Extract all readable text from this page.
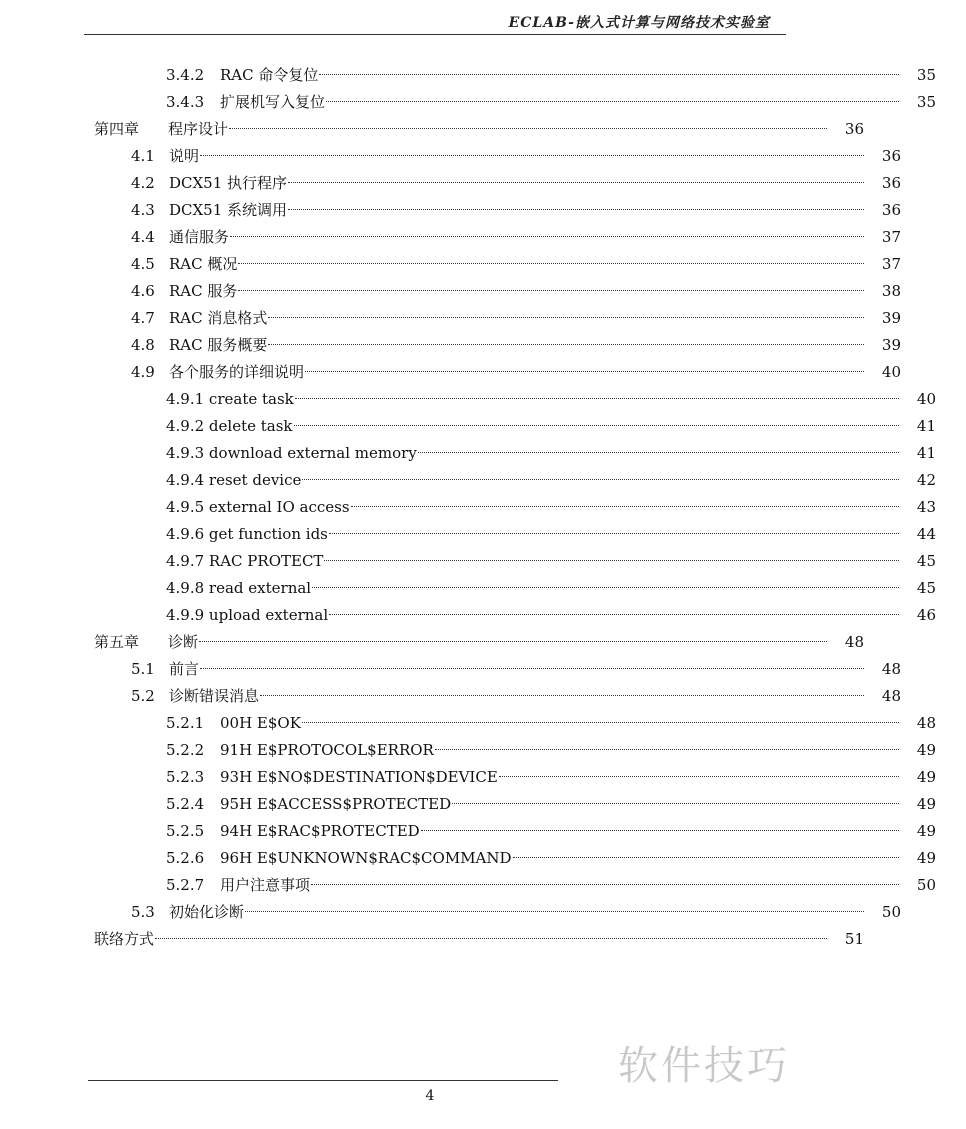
ECLAB-嵌入式计算与网络技术实验室
3.4.2	RAC 命令复位	35
3.4.3	扩展机写入复位	35
第四章	程序设计	36
4.1 说明	36
4.2 DCX51 执行程序	36
4.3 DCX51 系统调用	36
4.4 通信服务	37
4.5 RAC 概况	37
4.6 RAC 服务	38
4.7 RAC 消息格式	39
4.8 RAC 服务概要	39
4.9 各个服务的详细说明	40
4.9.1 create task	40
4.9.2 delete task	41
4.9.3 download external memory	41
4.9.4 reset device	42
4.9.5 external IO access	43
4.9.6 get function ids	44
4.9.7 RAC PROTECT	45
4.9.8 read external	45
4.9.9 upload external	46
第五章	诊断	48
5.1 前言	48
5.2 诊断错误消息	48
5.2.1	00H E$OK	48
5.2.2	91H E$PROTOCOL$ERROR	49
5.2.3	93H E$NO$DESTINATION$DEVICE	49
5.2.4	95H E$ACCESS$PROTECTED	49
5.2.5	94H E$RAC$PROTECTED	49
5.2.6	96H E$UNKNOWN$RAC$COMMAND	49
5.2.7	用户注意事项	50
5.3 初始化诊断	50
联络方式	51
4
软件技巧
